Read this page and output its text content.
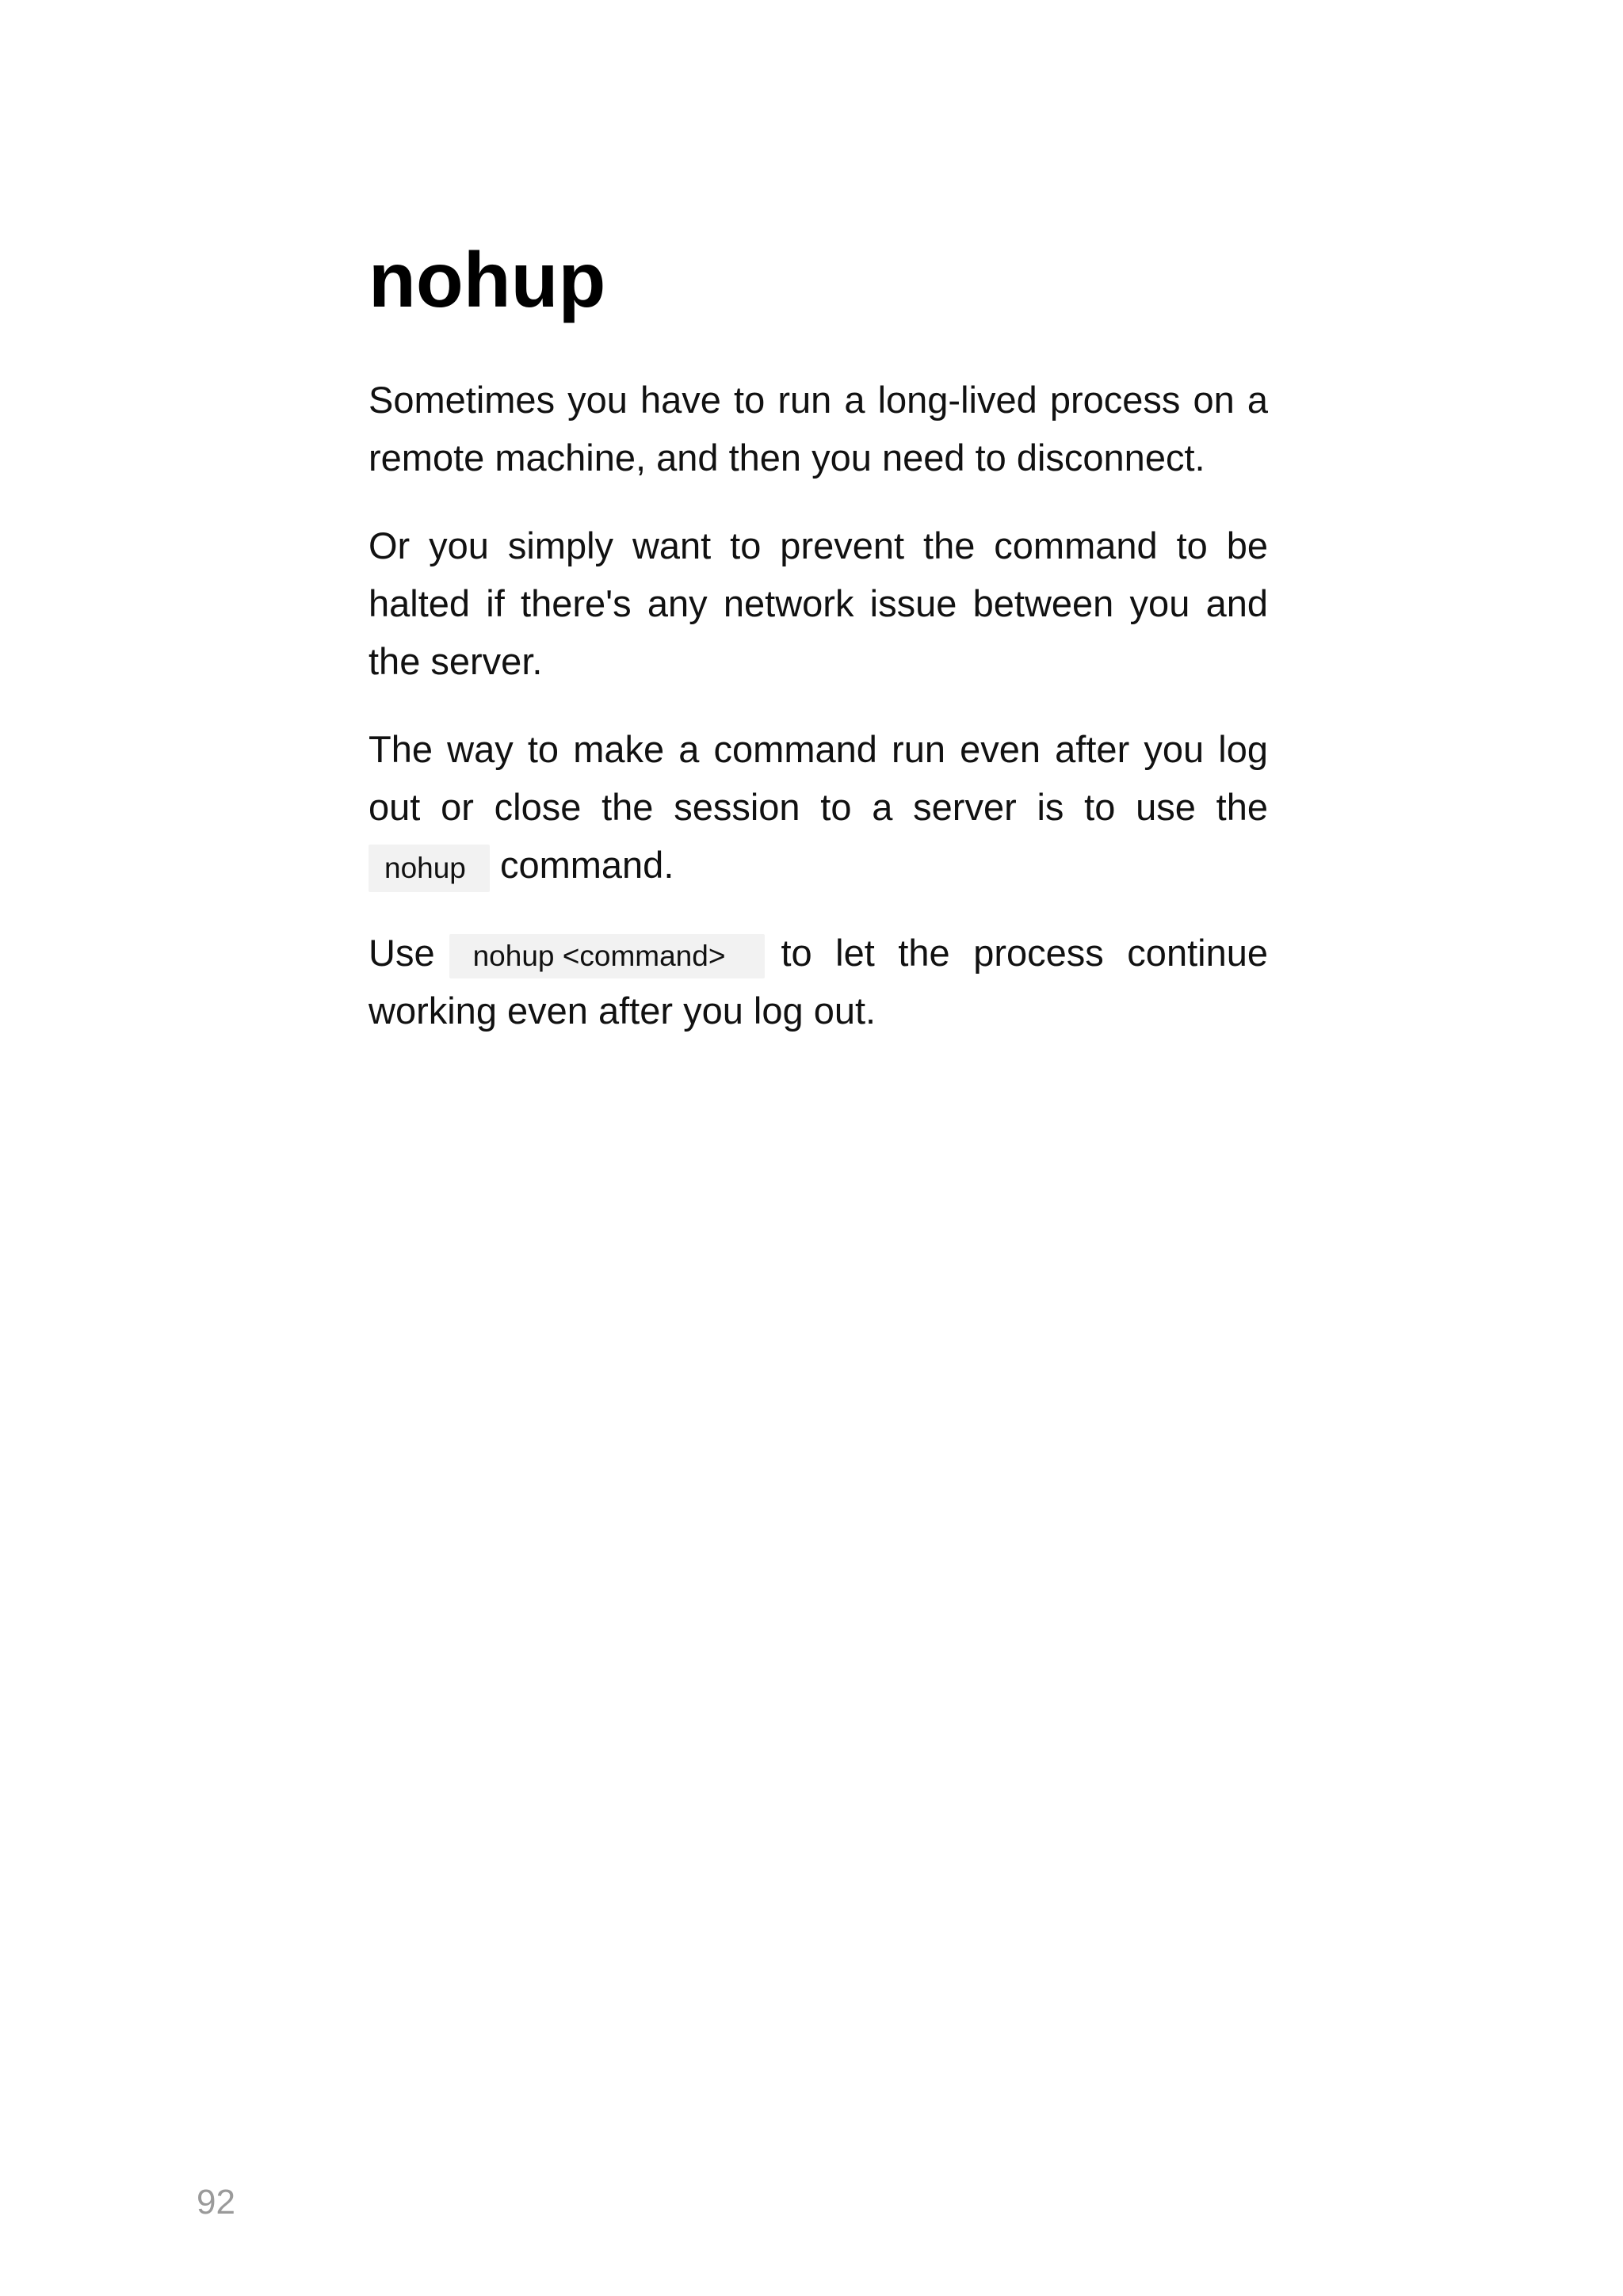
nohup

Sometimes you have to run a long-lived process on a remote machine, and then you need to disconnect.

Or you simply want to prevent the command to be halted if there's any network issue between you and the server.

The way to make a command run even after you log out or close the session to a server is to use the nohup command.

Use nohup <command> to let the process continue working even after you log out.

92
